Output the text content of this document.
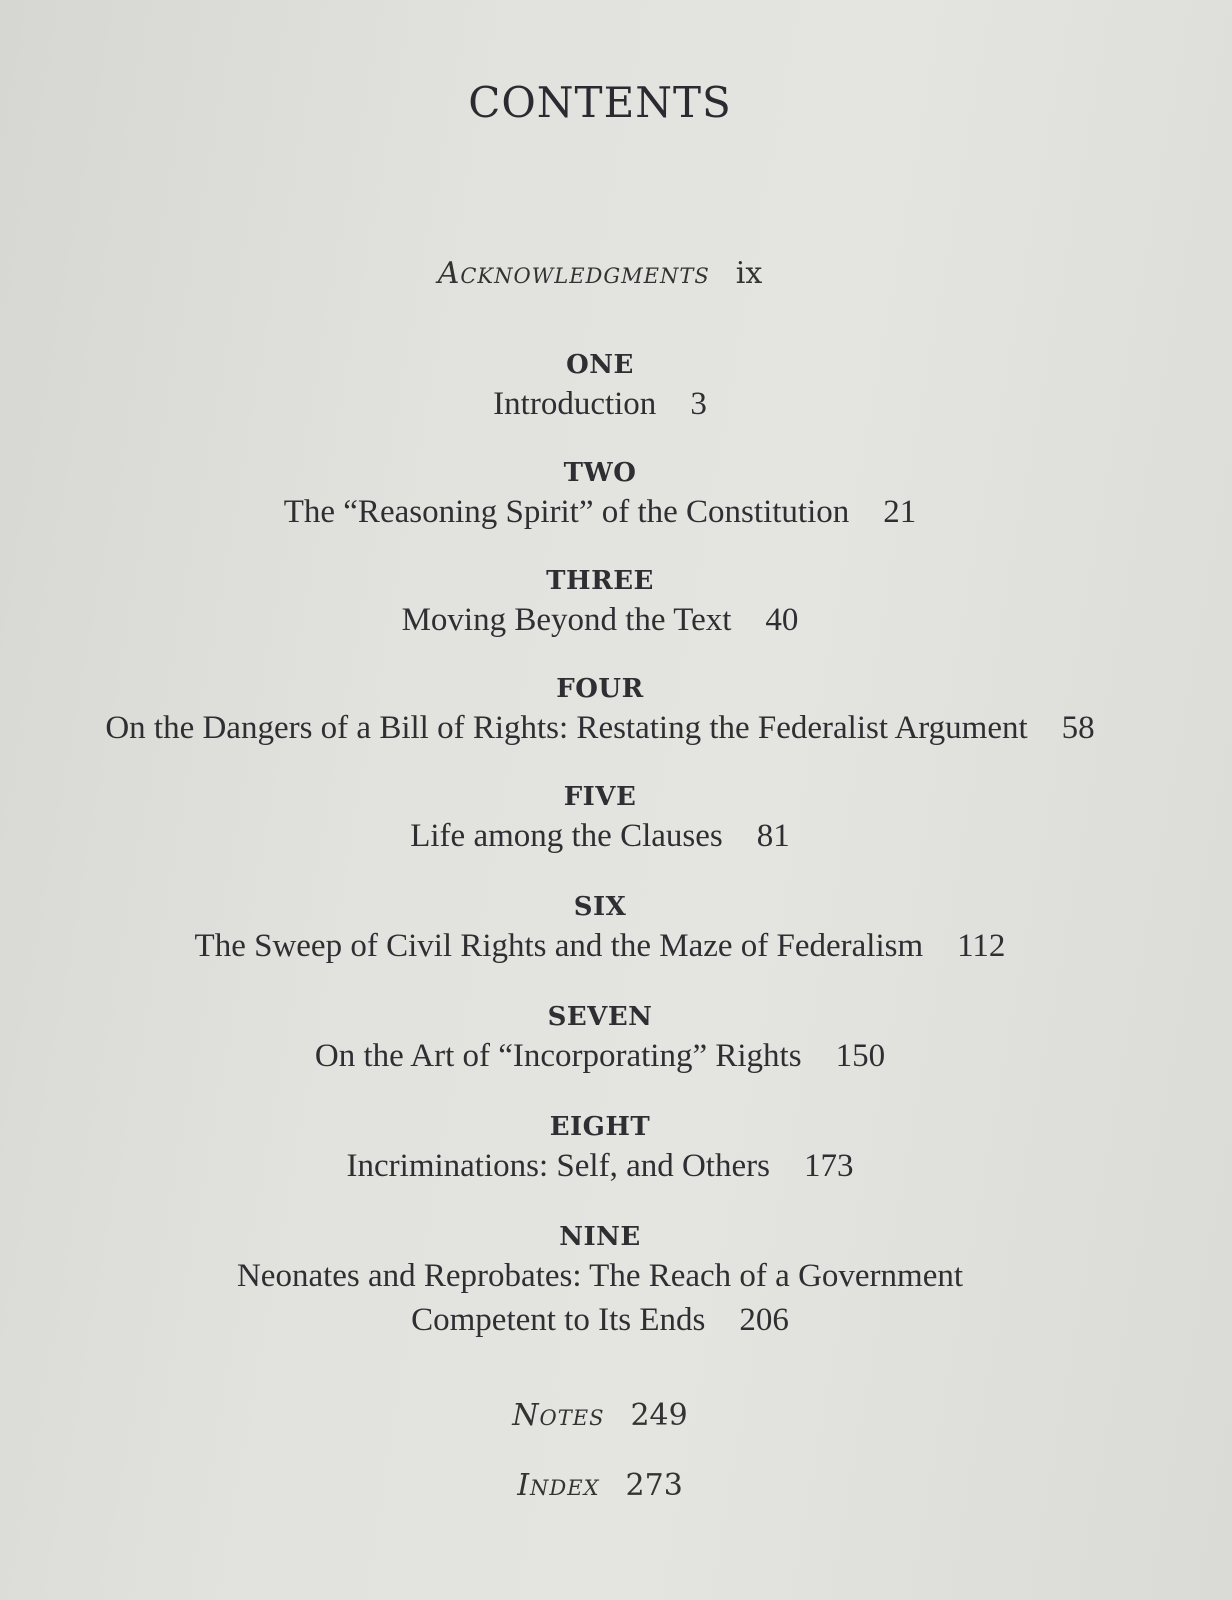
CONTENTS
Acknowledgments ix
ONE
Introduction 3
TWO
The “Reasoning Spirit” of the Constitution 21
THREE
Moving Beyond the Text 40
FOUR
On the Dangers of a Bill of Rights: Restating the Federalist Argument 58
FIVE
Life among the Clauses 81
SIX
The Sweep of Civil Rights and the Maze of Federalism 112
SEVEN
On the Art of “Incorporating” Rights 150
EIGHT
Incriminations: Self, and Others 173
NINE
Neonates and Reprobates: The Reach of a Government
Competent to Its Ends 206
Notes 249
Index 273
